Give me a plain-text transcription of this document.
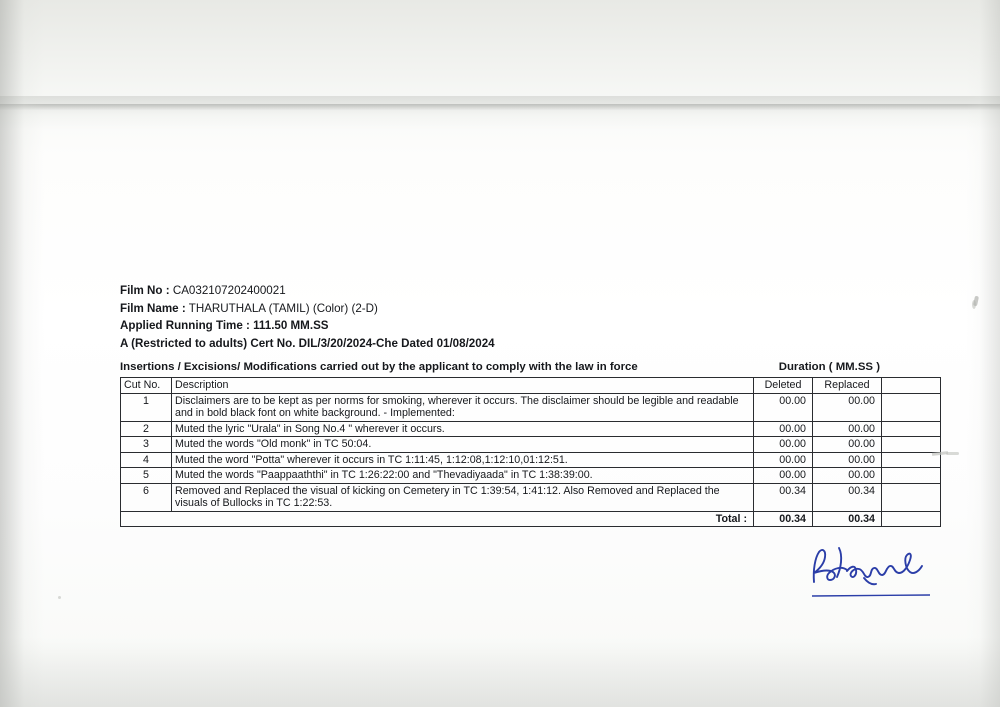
Film No : CA032107202400021
Film Name : THARUTHALA (TAMIL) (Color) (2-D)
Applied Running Time : 111.50 MM.SS
A (Restricted to adults) Cert No. DIL/3/20/2024-Che Dated 01/08/2024
Insertions / Excisions/ Modifications carried out by the applicant to comply with the law in force	Duration ( MM.SS )
Cut No.	Description	Deleted	Replaced	
1	Disclaimers are to be kept as per norms for smoking, wherever it occurs. The disclaimer should be legible and readable and in bold black font on white background. - Implemented:	00.00	00.00	
2	Muted the lyric "Urala" in Song No.4 " wherever it occurs.	00.00	00.00	
3	Muted the words "Old monk" in TC 50:04.	00.00	00.00	
4	Muted the word "Potta" wherever it occurs in TC 1:11:45, 1:12:08,1:12:10,01:12:51.	00.00	00.00	
5	Muted the words "Paappaaththi" in TC 1:26:22:00 and "Thevadiyaada" in TC 1:38:39:00.	00.00	00.00	
6	Removed and Replaced the visual of kicking on Cemetery in TC 1:39:54, 1:41:12. Also Removed and Replaced the visuals of Bullocks in TC 1:22:53.	00.34	00.34	
	Total :	00.34	00.34	
